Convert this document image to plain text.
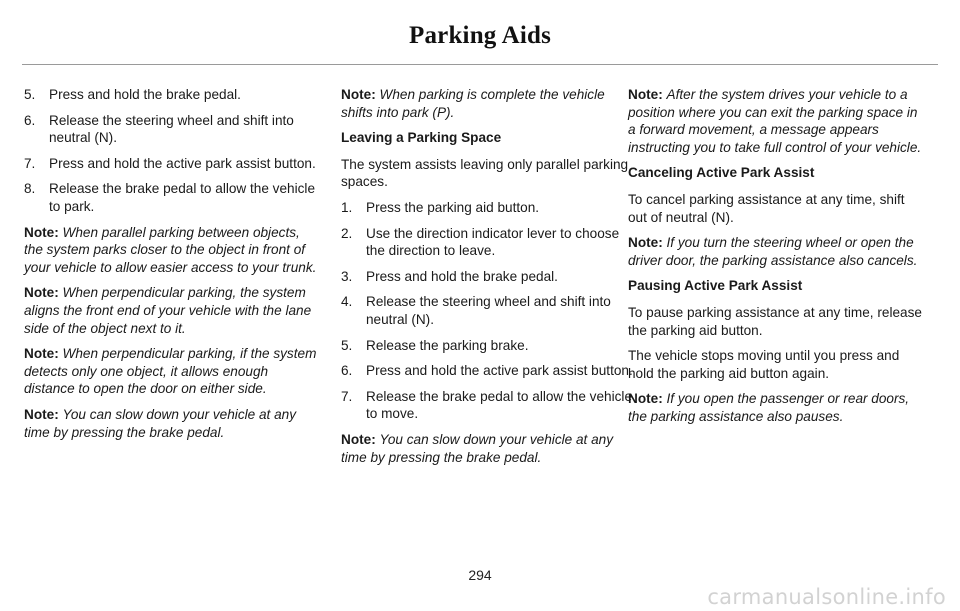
Parking Aids
5.	Press and hold the brake pedal.
6.	Release the steering wheel and shift into neutral (N).
7.	Press and hold the active park assist button.
8.	Release the brake pedal to allow the vehicle to park.
Note: When parallel parking between objects, the system parks closer to the object in front of your vehicle to allow easier access to your trunk.
Note: When perpendicular parking, the system aligns the front end of your vehicle with the lane side of the object next to it.
Note: When perpendicular parking, if the system detects only one object, it allows enough distance to open the door on either side.
Note: You can slow down your vehicle at any time by pressing the brake pedal.
Note: When parking is complete the vehicle shifts into park (P).
Leaving a Parking Space
The system assists leaving only parallel parking spaces.
1.	Press the parking aid button.
2.	Use the direction indicator lever to choose the direction to leave.
3.	Press and hold the brake pedal.
4.	Release the steering wheel and shift into neutral (N).
5.	Release the parking brake.
6.	Press and hold the active park assist button.
7.	Release the brake pedal to allow the vehicle to move.
Note: You can slow down your vehicle at any time by pressing the brake pedal.
Note: After the system drives your vehicle to a position where you can exit the parking space in a forward movement, a message appears instructing you to take full control of your vehicle.
Canceling Active Park Assist
To cancel parking assistance at any time, shift out of neutral (N).
Note: If you turn the steering wheel or open the driver door, the parking assistance also cancels.
Pausing Active Park Assist
To pause parking assistance at any time, release the parking aid button.
The vehicle stops moving until you press and hold the parking aid button again.
Note: If you open the passenger or rear doors, the parking assistance also pauses.
294
carmanualsonline.info
